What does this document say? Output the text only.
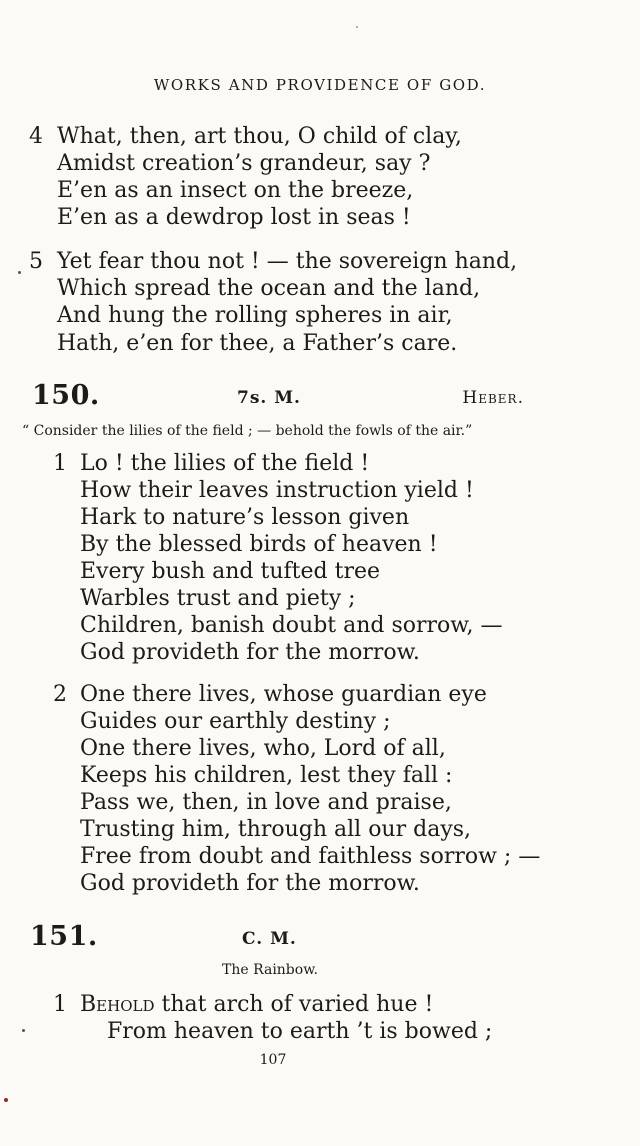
WORKS AND PROVIDENCE OF GOD.
4 What, then, art thou, O child of clay,
Amidst creation’s grandeur, say ?
E’en as an insect on the breeze,
E’en as a dewdrop lost in seas !
5 Yet fear thou not ! — the sovereign hand,
Which spread the ocean and the land,
And hung the rolling spheres in air,
Hath, e’en for thee, a Father’s care.
150.	7s. M.	Heber.
“ Consider the lilies of the field ; — behold the fowls of the air.”
1 Lo ! the lilies of the field !
How their leaves instruction yield !
Hark to nature’s lesson given
By the blessed birds of heaven !
Every bush and tufted tree
Warbles trust and piety ;
Children, banish doubt and sorrow, —
God provideth for the morrow.
2 One there lives, whose guardian eye
Guides our earthly destiny ;
One there lives, who, Lord of all,
Keeps his children, lest they fall :
Pass we, then, in love and praise,
Trusting him, through all our days,
Free from doubt and faithless sorrow ; —
God provideth for the morrow.
151.	C. M.
The Rainbow.
1 Behold that arch of varied hue !
From heaven to earth ’t is bowed ;
107
